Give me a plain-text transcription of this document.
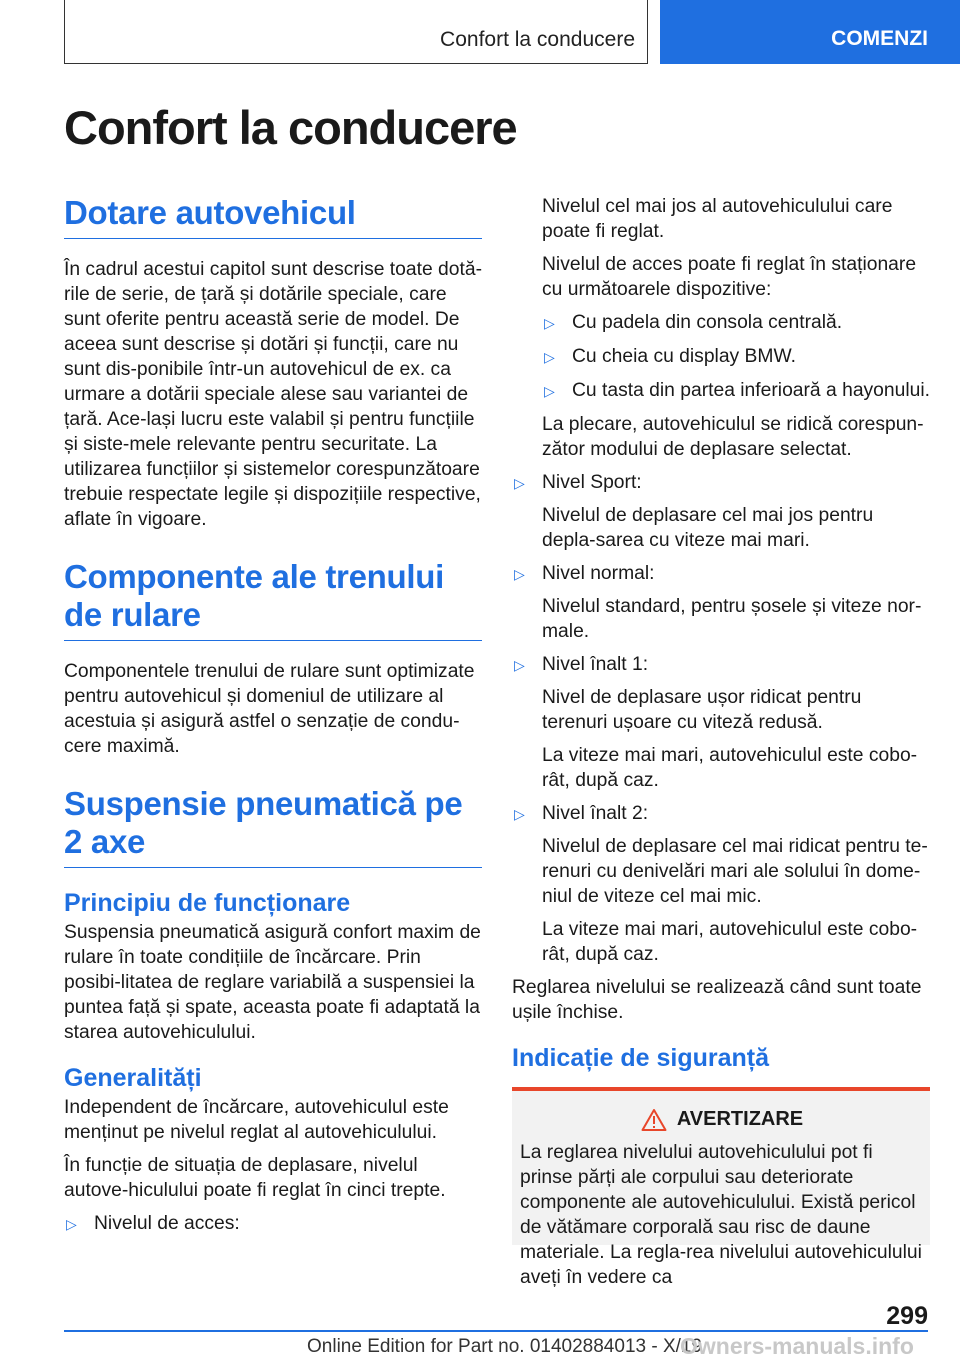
Confort la conducere	COMENZI
Confort la conducere
Dotare autovehicul

În cadrul acestui capitol sunt descrise toate dotă-rile de serie, de țară și dotările speciale, care sunt oferite pentru această serie de model. De aceea sunt descrise și dotări și funcții, care nu sunt dis-ponibile într-un autovehicul de ex. ca urmare a dotării speciale alese sau variantei de țară. Ace-lași lucru este valabil și pentru funcțiile și siste-mele relevante pentru securitate. La utilizarea funcțiilor și sistemelor corespunzătoare trebuie respectate legile și dispozițiile respective, aflate în vigoare.

Componente ale trenului de rulare

Componentele trenului de rulare sunt optimizate pentru autovehicul și domeniul de utilizare al acestuia și asigură astfel o senzație de condu-cere maximă.

Suspensie pneumatică pe 2 axe
Principiu de funcționare

Suspensia pneumatică asigură confort maxim de rulare în toate condițiile de încărcare. Prin posibi-litatea de reglare variabilă a suspensiei la puntea față și spate, aceasta poate fi adaptată la starea autovehiculului.

Generalități

Independent de încărcare, autovehiculul este menținut pe nivelul reglat al autovehiculului.

În funcție de situația de deplasare, nivelul autove-hiculului poate fi reglat în cinci trepte.

▷ Nivelul de acces:

Nivelul cel mai jos al autovehiculului care poate fi reglat.

Nivelul de acces poate fi reglat în staționare cu următoarele dispozitive:

▷ Cu padela din consola centrală.
▷ Cu cheia cu display BMW.
▷ Cu tasta din partea inferioară a hayonului.

La plecare, autovehiculul se ridică corespun-zător modului de deplasare selectat.

▷ Nivel Sport:

Nivelul de deplasare cel mai jos pentru depla-sarea cu viteze mai mari.

▷ Nivel normal:

Nivelul standard, pentru șosele și viteze nor-male.

▷ Nivel înalt 1:

Nivel de deplasare ușor ridicat pentru terenuri ușoare cu viteză redusă.

La viteze mai mari, autovehiculul este cobo-rât, după caz.

▷ Nivel înalt 2:

Nivelul de deplasare cel mai ridicat pentru te-renuri cu denivelări mari ale solului în dome-niul de viteze cel mai mic.

La viteze mai mari, autovehiculul este cobo-rât, după caz.

Reglarea nivelului se realizează când sunt toate ușile închise.

Indicație de siguranță
AVERTIZARE

La reglarea nivelului autovehiculului pot fi prinse părți ale corpului sau deteriorate componente ale autovehiculului. Există pericol de vătămare corporală sau risc de daune materiale. La regla-rea nivelului autovehiculului aveți în vedere ca

299
Online Edition for Part no. 01402884013 - X/19
Owners-manuals.info
